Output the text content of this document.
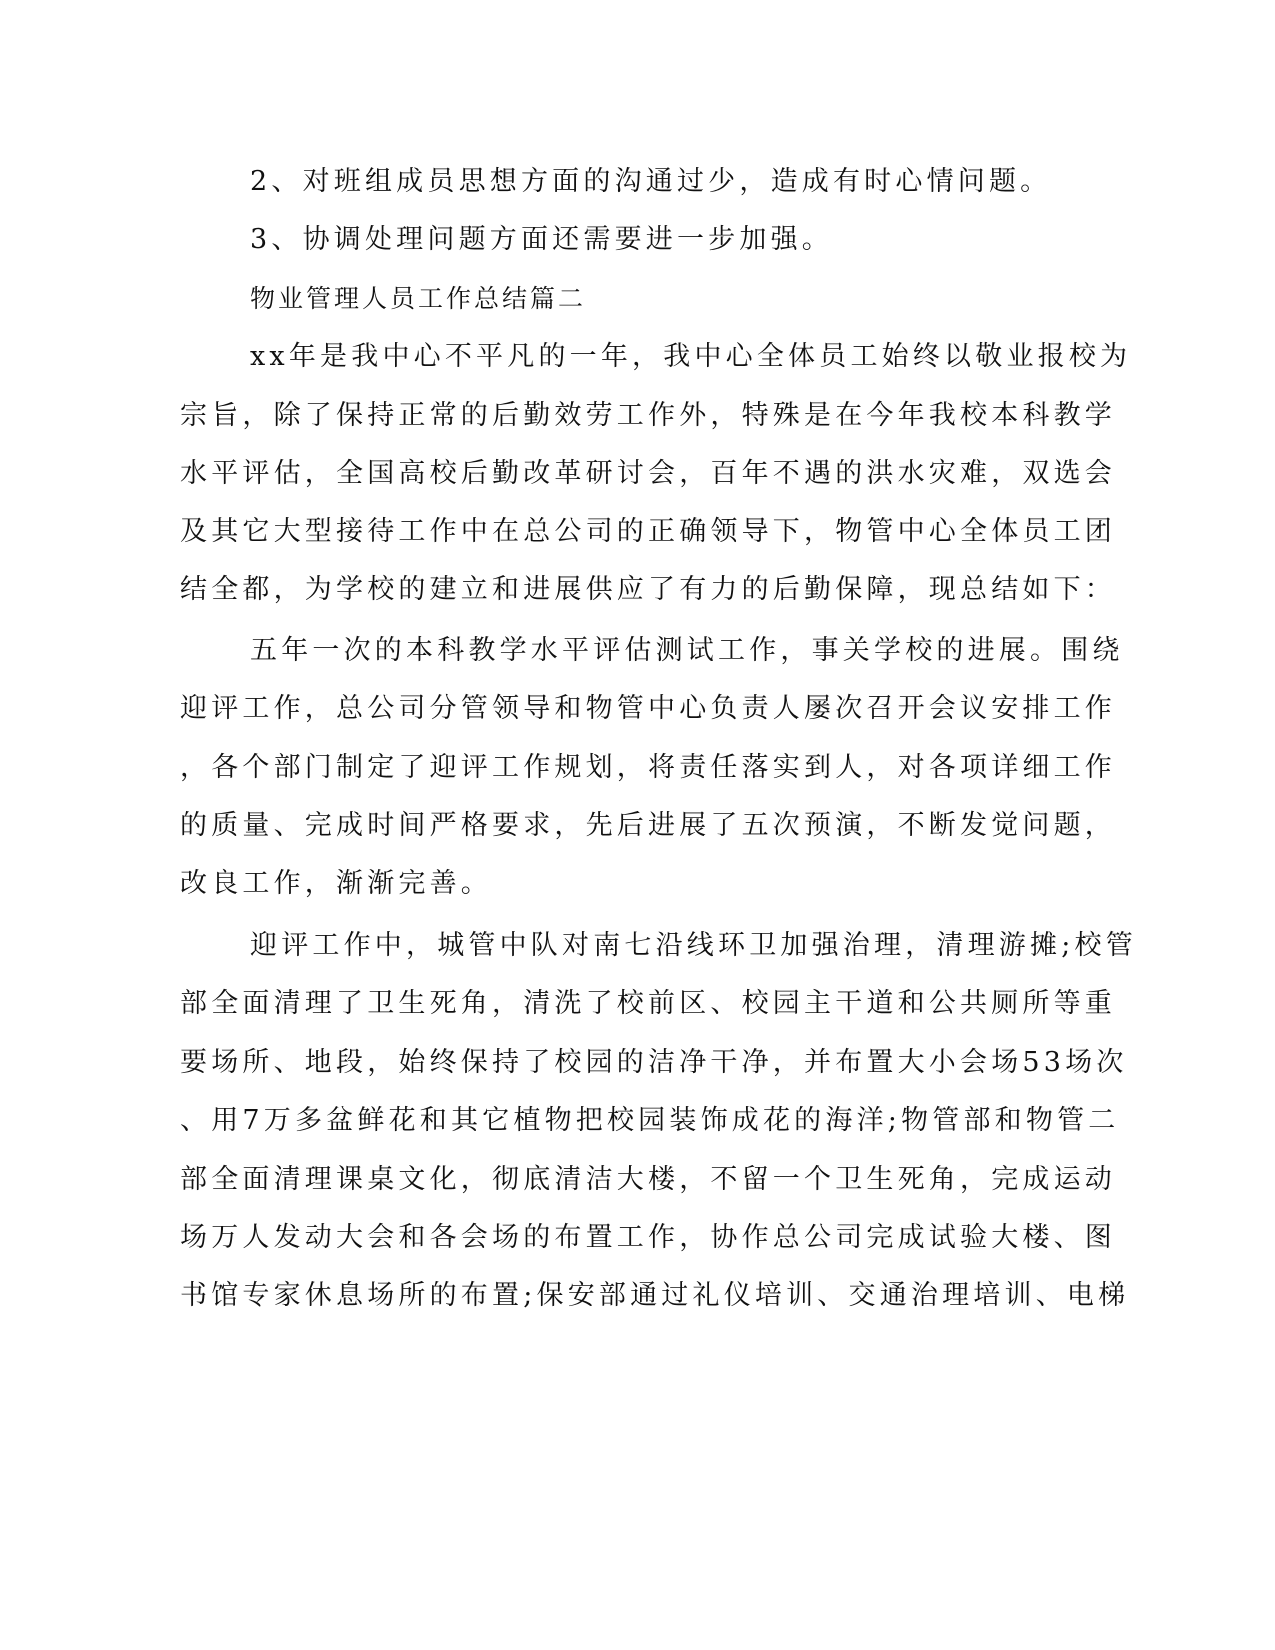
2、对班组成员思想方面的沟通过少，造成有时心情问题。
3、协调处理问题方面还需要进一步加强。
物业管理人员工作总结篇二
xx年是我中心不平凡的一年，我中心全体员工始终以敬业报校为
宗旨，除了保持正常的后勤效劳工作外，特殊是在今年我校本科教学
水平评估，全国高校后勤改革研讨会，百年不遇的洪水灾难，双选会
及其它大型接待工作中在总公司的正确领导下，物管中心全体员工团
结全都，为学校的建立和进展供应了有力的后勤保障，现总结如下：
五年一次的本科教学水平评估测试工作，事关学校的进展。围绕
迎评工作，总公司分管领导和物管中心负责人屡次召开会议安排工作
，各个部门制定了迎评工作规划，将责任落实到人，对各项详细工作
的质量、完成时间严格要求，先后进展了五次预演，不断发觉问题，
改良工作，渐渐完善。
迎评工作中，城管中队对南七沿线环卫加强治理，清理游摊;校管
部全面清理了卫生死角，清洗了校前区、校园主干道和公共厕所等重
要场所、地段，始终保持了校园的洁净干净，并布置大小会场53场次
、用7万多盆鲜花和其它植物把校园装饰成花的海洋;物管部和物管二
部全面清理课桌文化，彻底清洁大楼，不留一个卫生死角，完成运动
场万人发动大会和各会场的布置工作，协作总公司完成试验大楼、图
书馆专家休息场所的布置;保安部通过礼仪培训、交通治理培训、电梯
